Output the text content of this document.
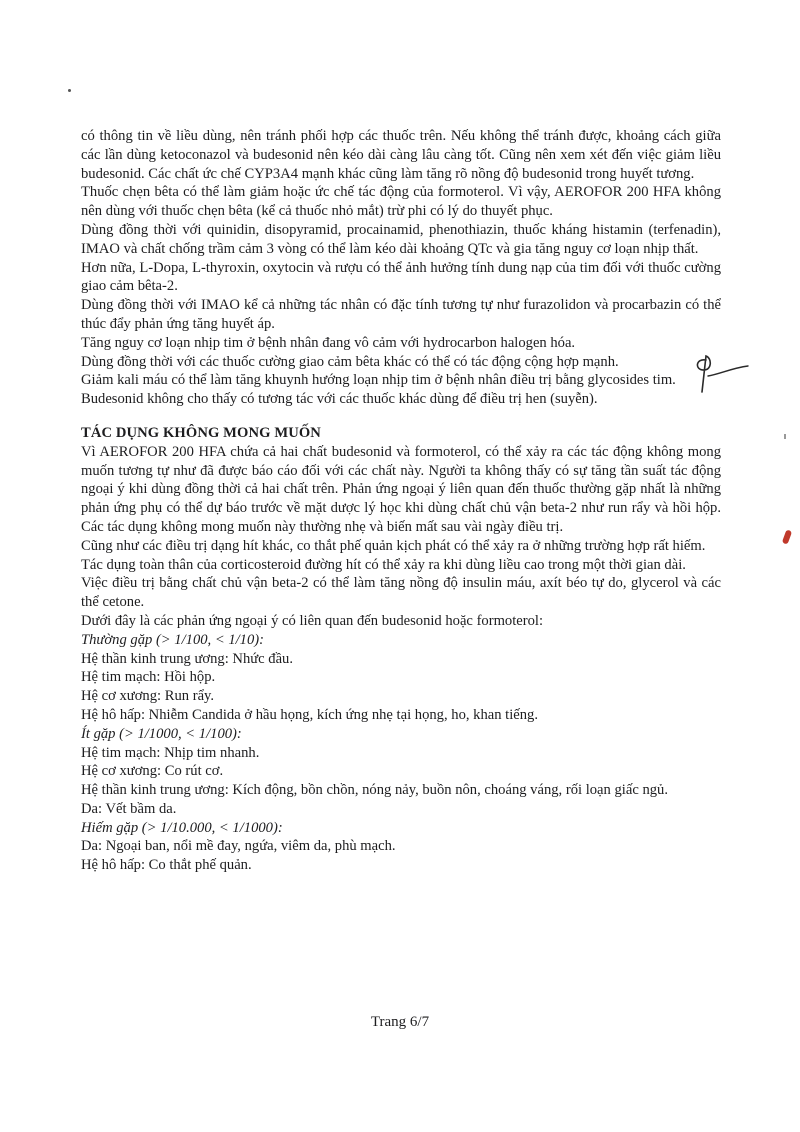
có thông tin về liều dùng, nên tránh phối hợp các thuốc trên. Nếu không thể tránh được, khoảng cách giữa các lần dùng ketoconazol và budesonid nên kéo dài càng lâu càng tốt. Cũng nên xem xét đến việc giảm liều budesonid. Các chất ức chế CYP3A4 mạnh khác cũng làm tăng rõ nồng độ budesonid trong huyết tương.

Thuốc chẹn bêta có thể làm giảm hoặc ức chế tác động của formoterol. Vì vậy, AEROFOR 200 HFA không nên dùng với thuốc chẹn bêta (kể cả thuốc nhỏ mắt) trừ phi có lý do thuyết phục.

Dùng đồng thời với quinidin, disopyramid, procainamid, phenothiazin, thuốc kháng histamin (terfenadin), IMAO và chất chống trầm cảm 3 vòng có thể làm kéo dài khoảng QTc và gia tăng nguy cơ loạn nhịp thất.

Hơn nữa, L-Dopa, L-thyroxin, oxytocin và rượu có thể ảnh hưởng tính dung nạp của tim đối với thuốc cường giao cảm bêta-2.

Dùng đồng thời với IMAO kể cả những tác nhân có đặc tính tương tự như furazolidon và procarbazin có thể thúc đẩy phản ứng tăng huyết áp.

Tăng nguy cơ loạn nhịp tim ở bệnh nhân đang vô cảm với hydrocarbon halogen hóa.

Dùng đồng thời với các thuốc cường giao cảm bêta khác có thể có tác động cộng hợp mạnh.

Giảm kali máu có thể làm tăng khuynh hướng loạn nhịp tim ở bệnh nhân điều trị bằng glycosides tim.

Budesonid không cho thấy có tương tác với các thuốc khác dùng để điều trị hen (suyễn).

TÁC DỤNG KHÔNG MONG MUỐN

Vì AEROFOR 200 HFA chứa cả hai chất budesonid và formoterol, có thể xảy ra các tác động không mong muốn tương tự như đã được báo cáo đối với các chất này. Người ta không thấy có sự tăng tần suất tác động ngoại ý khi dùng đồng thời cả hai chất trên. Phản ứng ngoại ý liên quan đến thuốc thường gặp nhất là những phản ứng phụ có thể dự báo trước về mặt dược lý học khi dùng chất chủ vận beta-2 như run rẩy và hồi hộp. Các tác dụng không mong muốn này thường nhẹ và biến mất sau vài ngày điều trị.

Cũng như các điều trị dạng hít khác, co thắt phế quản kịch phát có thể xảy ra ở những trường hợp rất hiếm.

Tác dụng toàn thân của corticosteroid đường hít có thể xảy ra khi dùng liều cao trong một thời gian dài.

Việc điều trị bằng chất chủ vận beta-2 có thể làm tăng nồng độ insulin máu, axít béo tự do, glycerol và các thể cetone.

Dưới đây là các phản ứng ngoại ý có liên quan đến budesonid hoặc formoterol:

Thường gặp (> 1/100, < 1/10):

Hệ thần kinh trung ương: Nhức đầu.

Hệ tim mạch: Hồi hộp.

Hệ cơ xương: Run rẩy.

Hệ hô hấp: Nhiễm Candida ở hầu họng, kích ứng nhẹ tại họng, ho, khan tiếng.

Ít gặp (> 1/1000, < 1/100):

Hệ tim mạch: Nhịp tim nhanh.

Hệ cơ xương: Co rút cơ.

Hệ thần kinh trung ương: Kích động, bồn chồn, nóng nảy, buồn nôn, choáng váng, rối loạn giấc ngủ.

Da: Vết bầm da.

Hiếm gặp (> 1/10.000, < 1/1000):

Da: Ngoại ban, nổi mề đay, ngứa, viêm da, phù mạch.

Hệ hô hấp: Co thắt phế quản.

Trang 6/7
